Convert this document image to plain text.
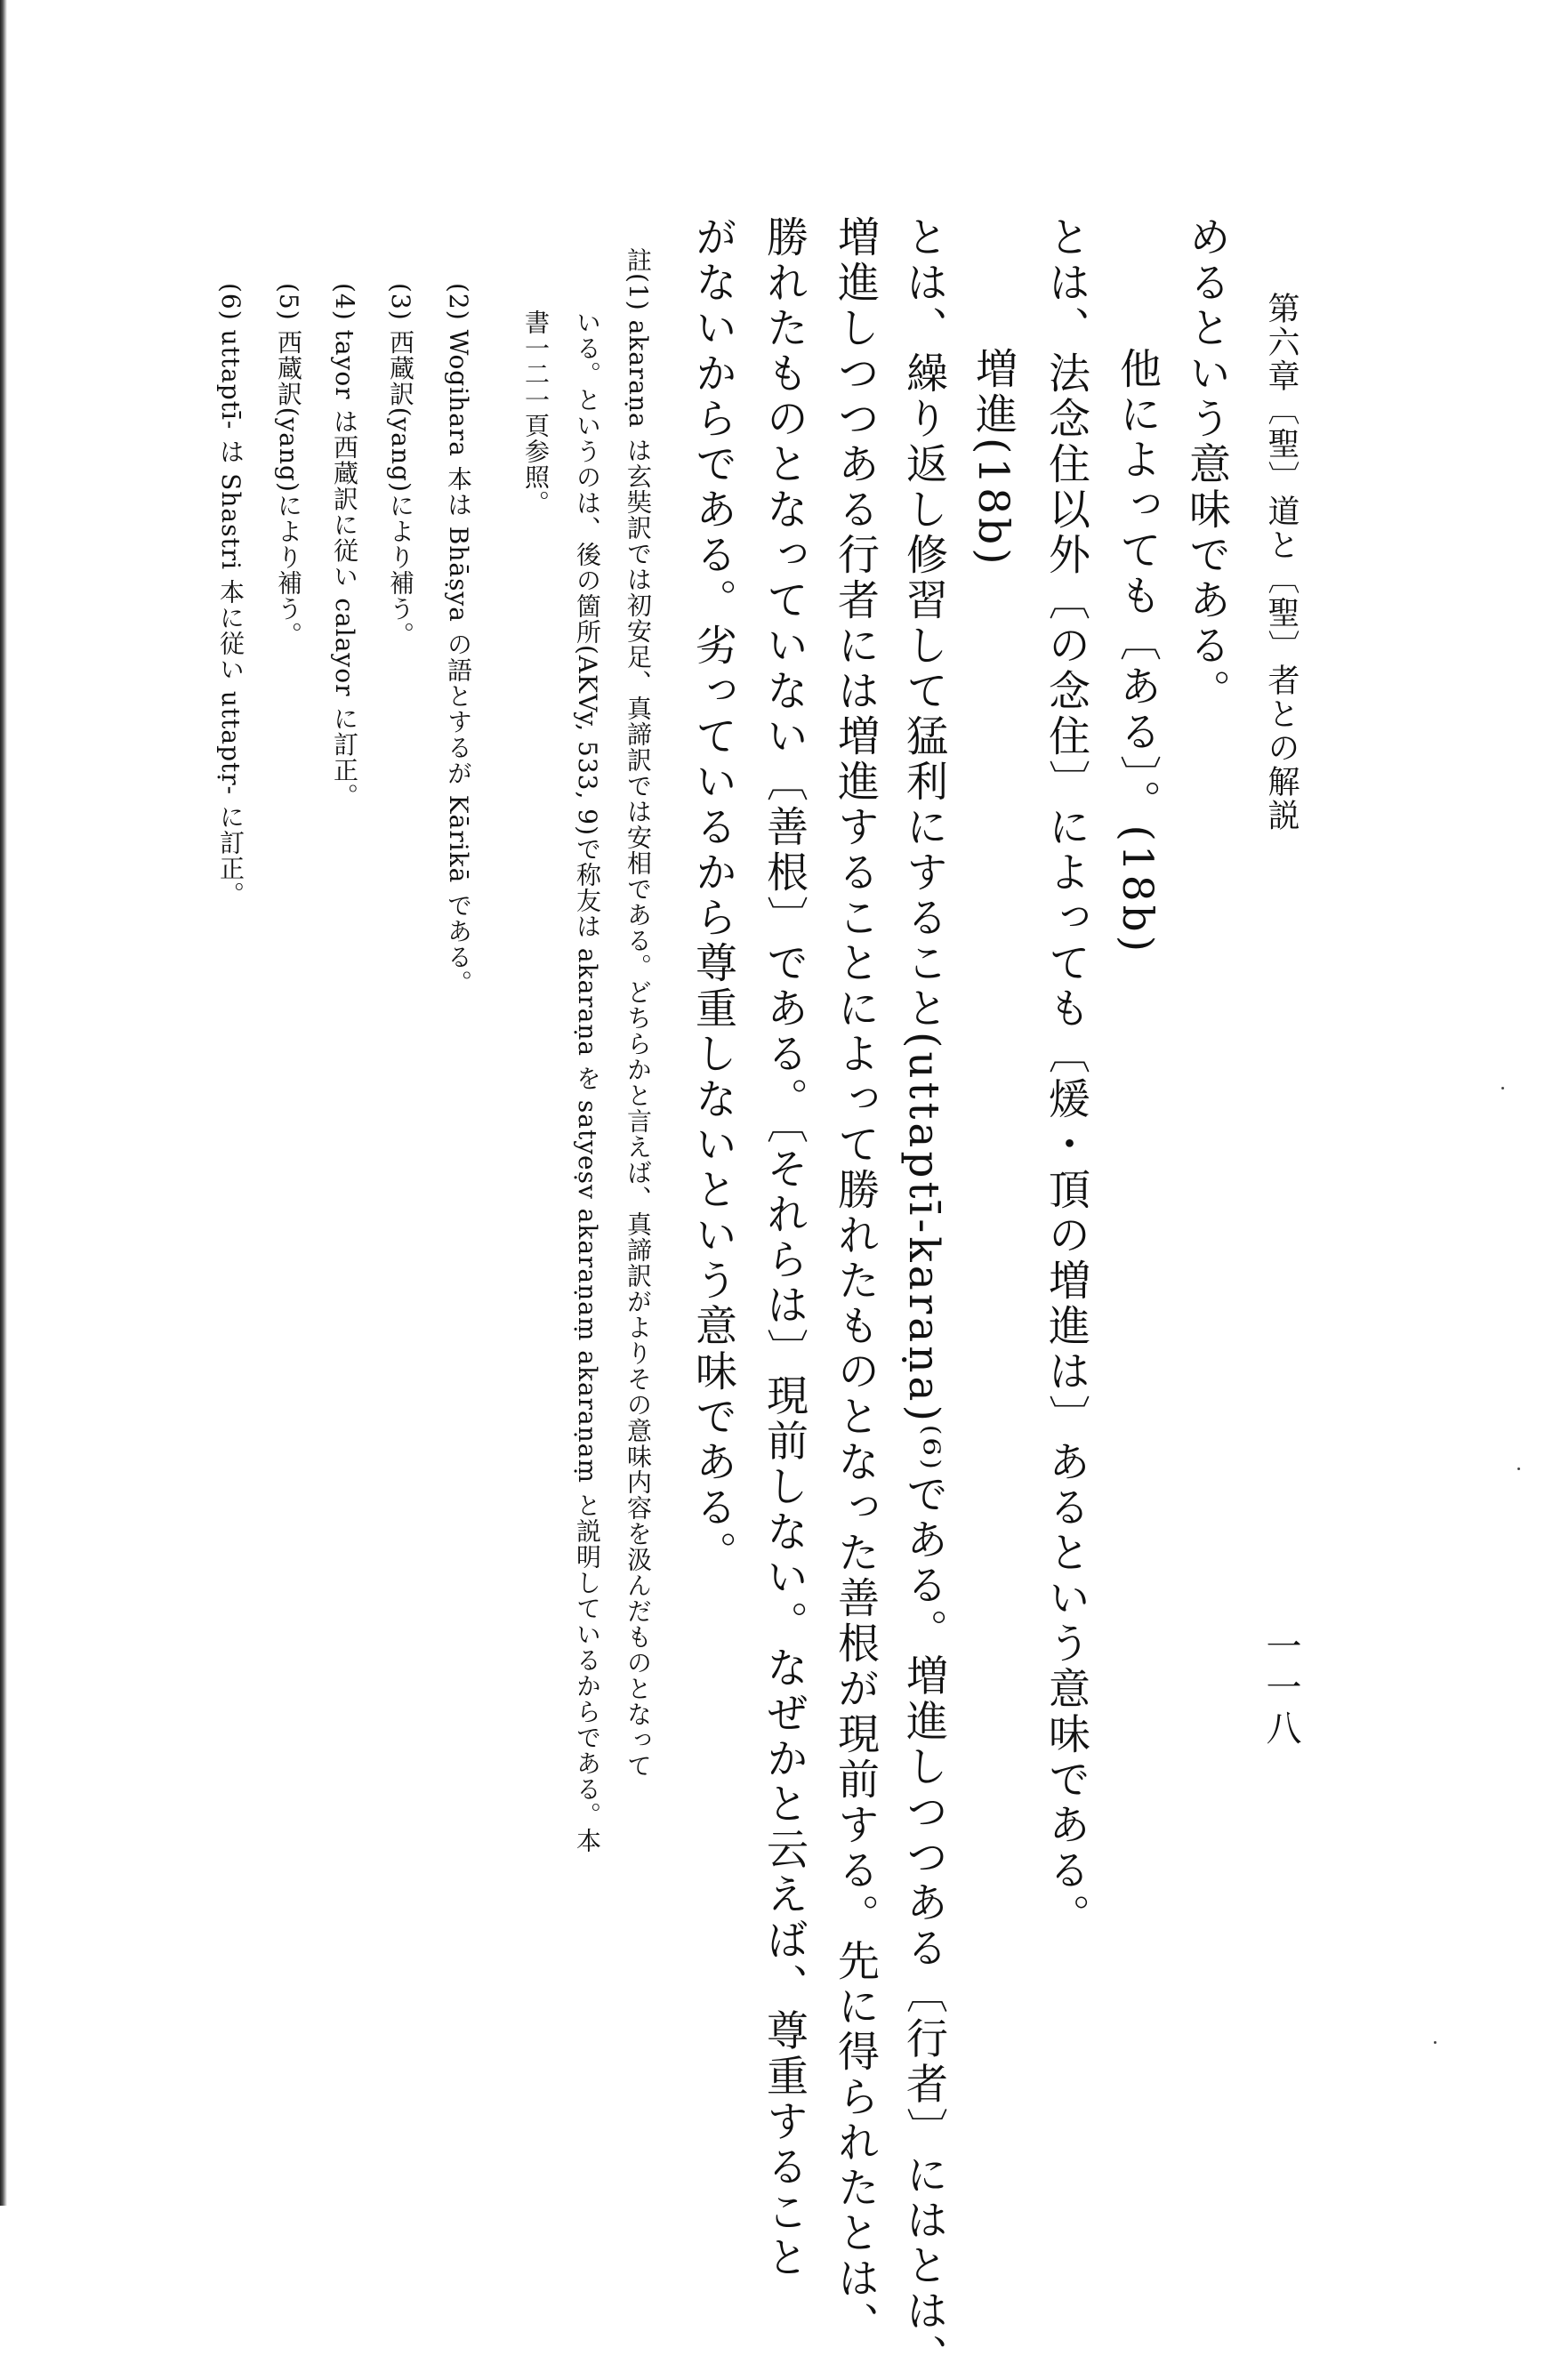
第六章〔聖〕道と〔聖〕者との解説
一一八
めるという意味である。
他によっても〔ある〕。(18b)
とは、法念住以外〔の念住〕によっても〔煖・頂の増進は〕あるという意味である。
増進(18b)
とは、繰り返し修習して猛利にすること(uttaptī-karaṇa)⁽⁶⁾である。増進しつつある〔行者〕にはとは、
増進しつつある行者には増進することによって勝れたものとなった善根が現前する。先に得られたとは、
勝れたものとなっていない〔善根〕である。〔それらは〕現前しない。なぜかと云えば、尊重すること
がないからである。劣っているから尊重しないという意味である。
註(1) akaraṇa は玄奘訳では初安足、真諦訳では安相である。どちらかと言えば、真諦訳がよりその意味内容を汲んだものとなって
いる。というのは、後の箇所(AKVy, 533, 9)で称友は akaraṇa を satyeṣv akaraṇaṃ akaraṇaṃ と説明しているからである。本
書一二一頁参照。
(2) Wogihara 本は Bhāṣya の語とするが Kārikā である。
(3) 西蔵訳(yang)により補う。
(4) tayor は西蔵訳に従い calayor に訂正。
(5) 西蔵訳(yang)により補う。
(6) uttaptī- は Shastri 本に従い uttaptṛ- に訂正。
